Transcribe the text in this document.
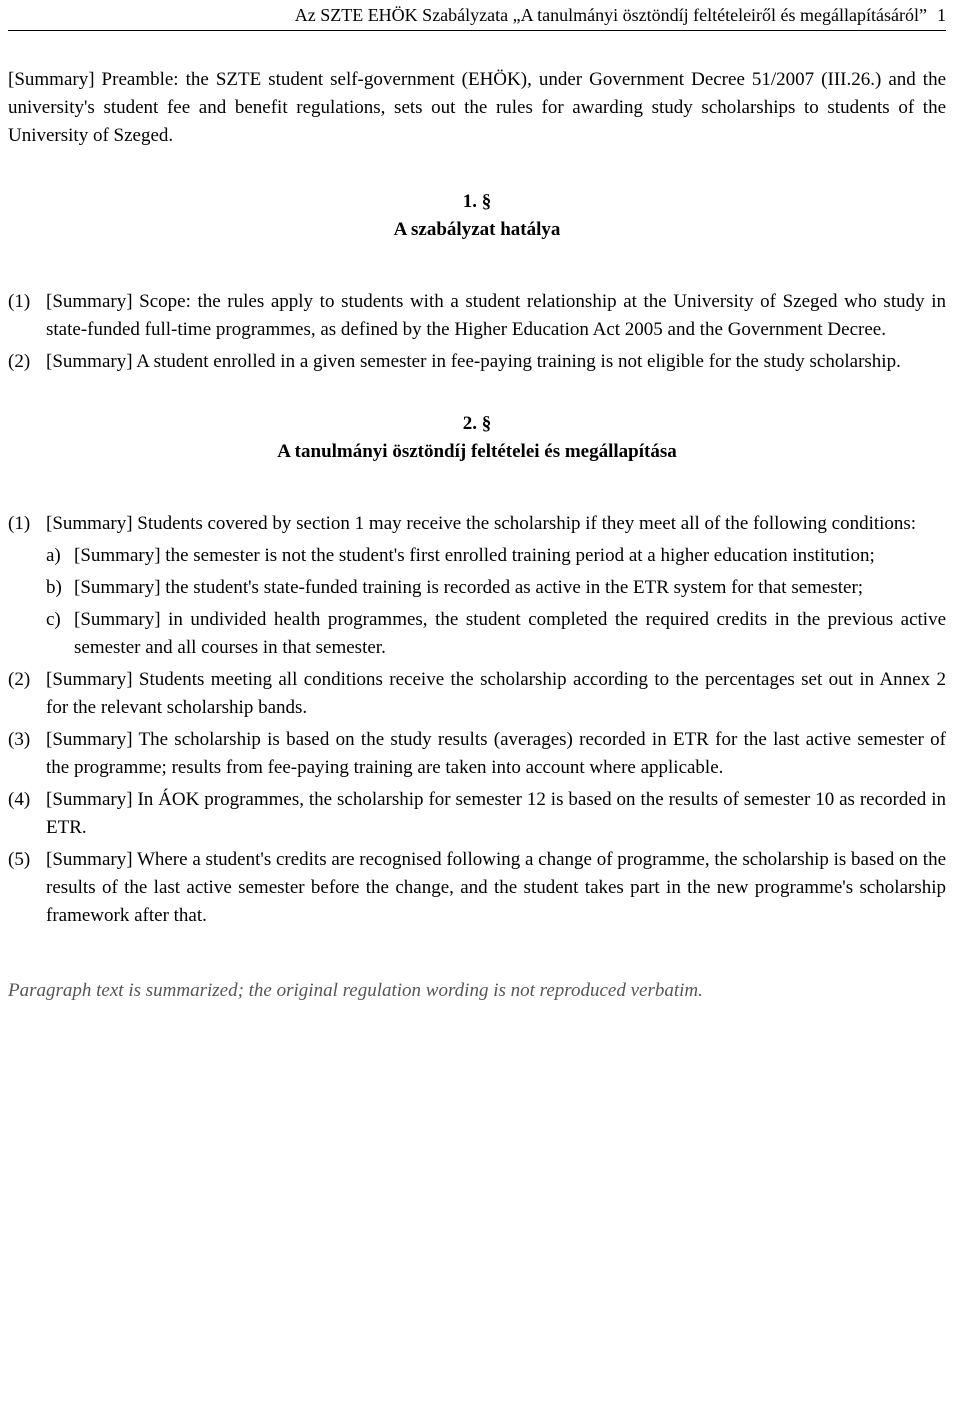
Az SZTE EHÖK Szabályzata „A tanulmányi ösztöndíj feltételeiről és megállapításáról” 1

[Summary] Preamble: the SZTE student self-government (EHÖK), under Government Decree 51/2007 (III.26.) and the university's student fee and benefit regulations, sets out the rules for awarding study scholarships to students of the University of Szeged.

1. §

A szabályzat hatálya

(1) [Summary] Scope: the rules apply to students with a student relationship at the University of Szeged who study in state-funded full-time programmes, as defined by the Higher Education Act 2005 and the Government Decree.
(2) [Summary] A student enrolled in a given semester in fee-paying training is not eligible for the study scholarship.

2. §

A tanulmányi ösztöndíj feltételei és megállapítása

(1) [Summary] Students covered by section 1 may receive the scholarship if they meet all of the following conditions:
a) [Summary] the semester is not the student's first enrolled training period at a higher education institution;
b) [Summary] the student's state-funded training is recorded as active in the ETR system for that semester;
c) [Summary] in undivided health programmes, the student completed the required credits in the previous active semester and all courses in that semester.
(2) [Summary] Students meeting all conditions receive the scholarship according to the percentages set out in Annex 2 for the relevant scholarship bands.
(3) [Summary] The scholarship is based on the study results (averages) recorded in ETR for the last active semester of the programme; results from fee-paying training are taken into account where applicable.
(4) [Summary] In ÁOK programmes, the scholarship for semester 12 is based on the results of semester 10 as recorded in ETR.
(5) [Summary] Where a student's credits are recognised following a change of programme, the scholarship is based on the results of the last active semester before the change, and the student takes part in the new programme's scholarship framework after that.

Paragraph text is summarized; the original regulation wording is not reproduced verbatim.
